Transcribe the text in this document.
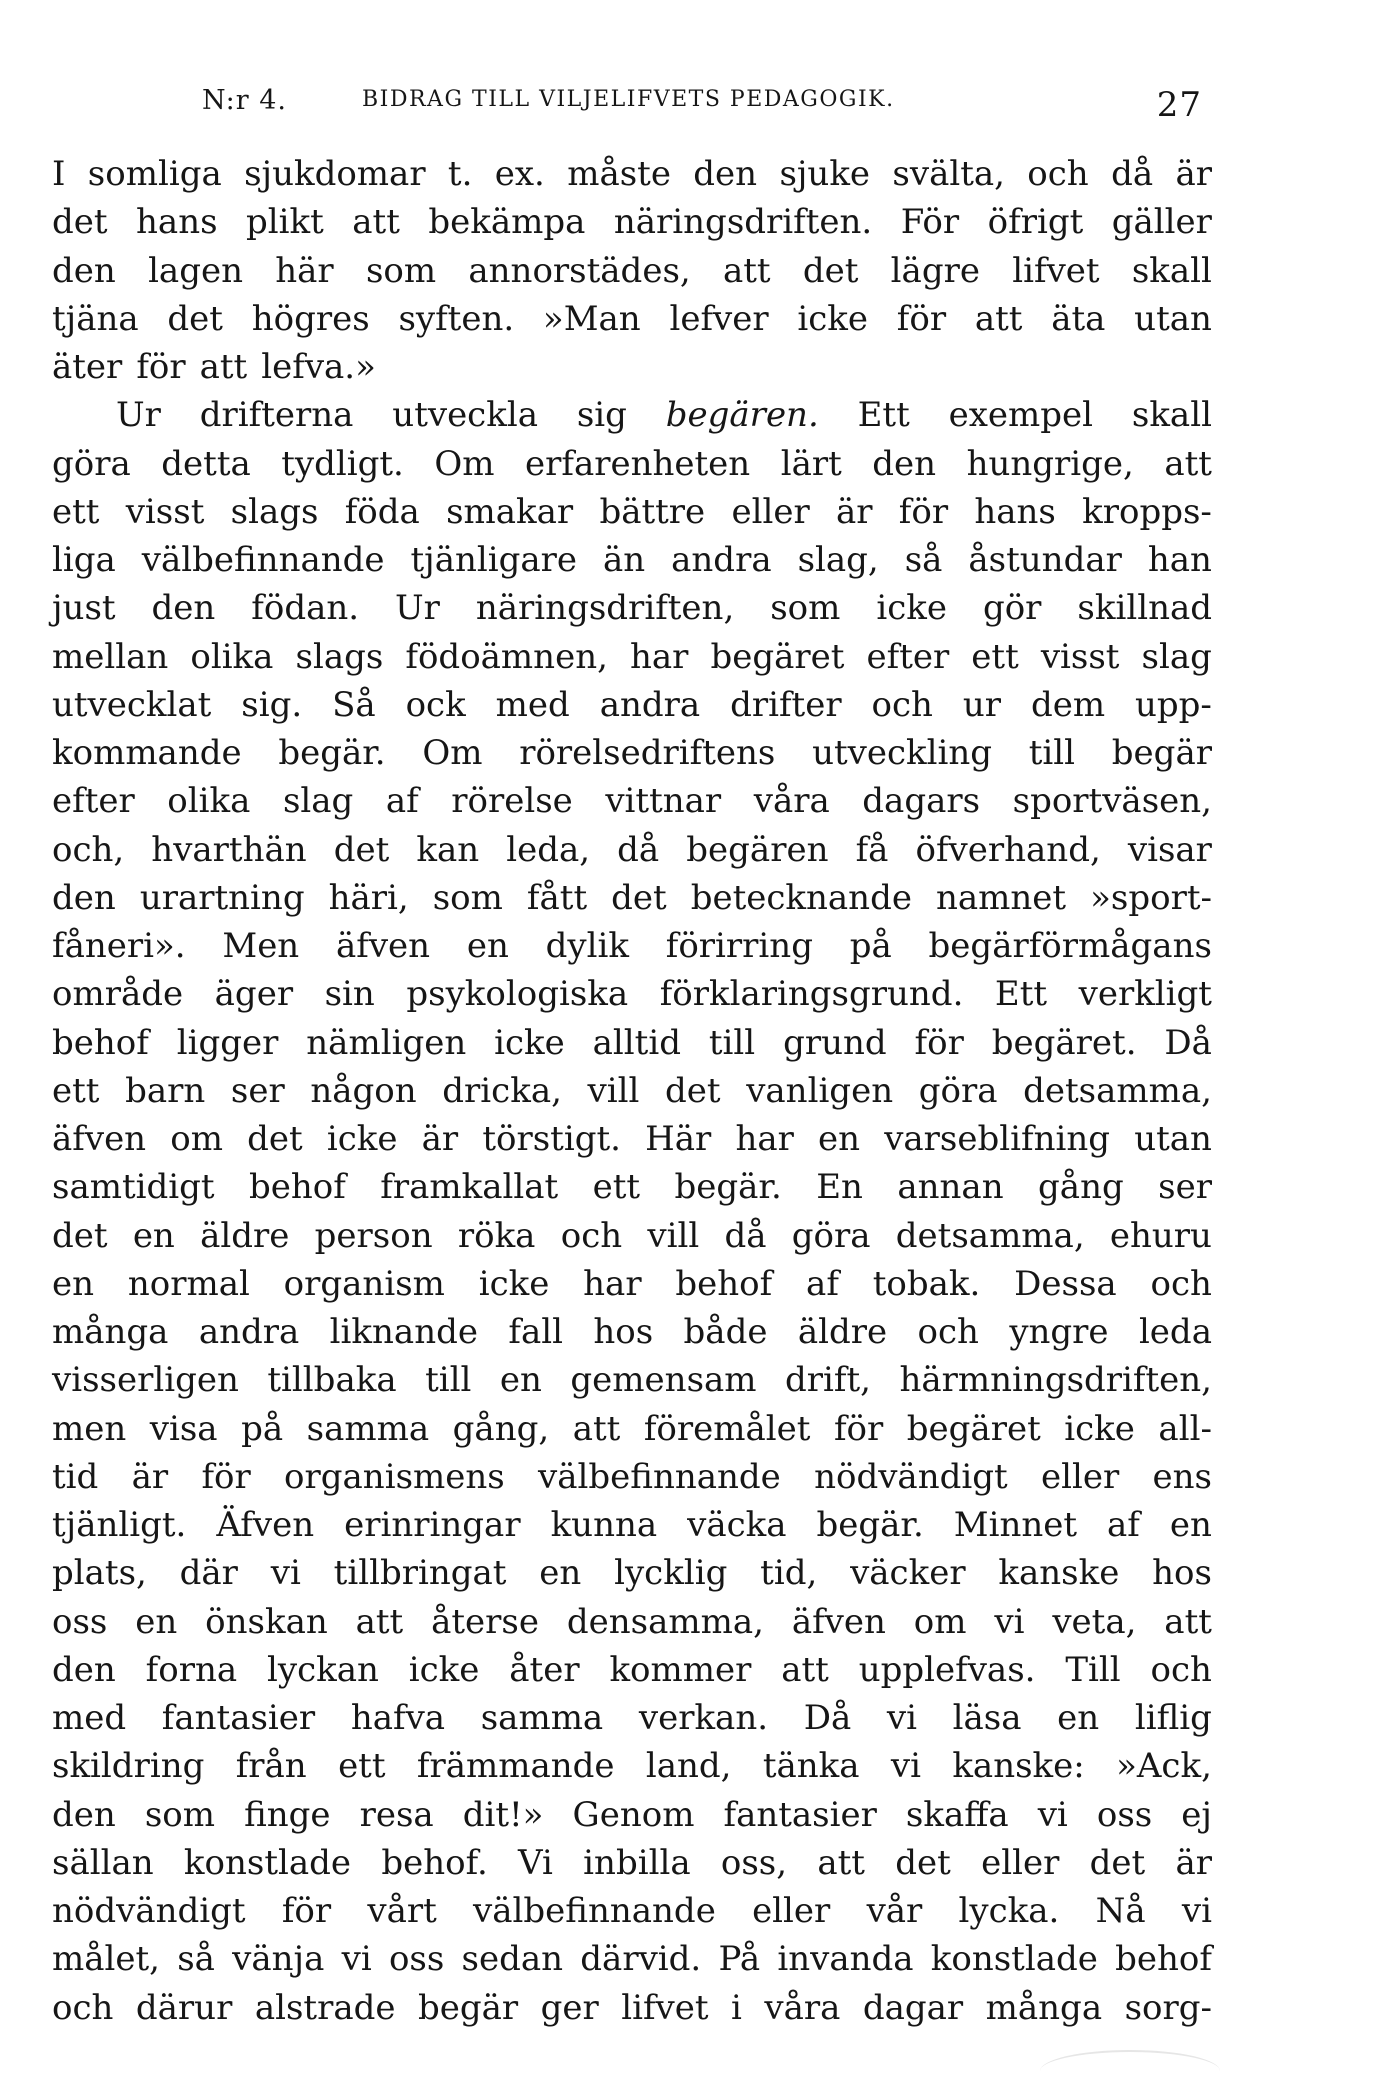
N:r 4.	BIDRAG TILL VILJELIFVETS PEDAGOGIK.	27
I somliga sjukdomar t. ex. måste den sjuke svälta, och då är
det hans plikt att bekämpa näringsdriften. För öfrigt gäller
den lagen här som annorstädes, att det lägre lifvet skall
tjäna det högres syften. »Man lefver icke för att äta utan
äter för att lefva.»
Ur drifterna utveckla sig begären. Ett exempel skall
göra detta tydligt. Om erfarenheten lärt den hungrige, att
ett visst slags föda smakar bättre eller är för hans kropps-
liga välbefinnande tjänligare än andra slag, så åstundar han
just den födan. Ur näringsdriften, som icke gör skillnad
mellan olika slags födoämnen, har begäret efter ett visst slag
utvecklat sig. Så ock med andra drifter och ur dem upp-
kommande begär. Om rörelsedriftens utveckling till begär
efter olika slag af rörelse vittnar våra dagars sportväsen,
och, hvarthän det kan leda, då begären få öfverhand, visar
den urartning häri, som fått det betecknande namnet »sport-
fåneri». Men äfven en dylik förirring på begärförmågans
område äger sin psykologiska förklaringsgrund. Ett verkligt
behof ligger nämligen icke alltid till grund för begäret. Då
ett barn ser någon dricka, vill det vanligen göra detsamma,
äfven om det icke är törstigt. Här har en varseblifning utan
samtidigt behof framkallat ett begär. En annan gång ser
det en äldre person röka och vill då göra detsamma, ehuru
en normal organism icke har behof af tobak. Dessa och
många andra liknande fall hos både äldre och yngre leda
visserligen tillbaka till en gemensam drift, härmningsdriften,
men visa på samma gång, att föremålet för begäret icke all-
tid är för organismens välbefinnande nödvändigt eller ens
tjänligt. Äfven erinringar kunna väcka begär. Minnet af en
plats, där vi tillbringat en lycklig tid, väcker kanske hos
oss en önskan att återse densamma, äfven om vi veta, att
den forna lyckan icke åter kommer att upplefvas. Till och
med fantasier hafva samma verkan. Då vi läsa en liflig
skildring från ett främmande land, tänka vi kanske: »Ack,
den som finge resa dit!» Genom fantasier skaffa vi oss ej
sällan konstlade behof. Vi inbilla oss, att det eller det är
nödvändigt för vårt välbefinnande eller vår lycka. Nå vi
målet, så vänja vi oss sedan därvid. På invanda konstlade behof
och därur alstrade begär ger lifvet i våra dagar många sorg-
